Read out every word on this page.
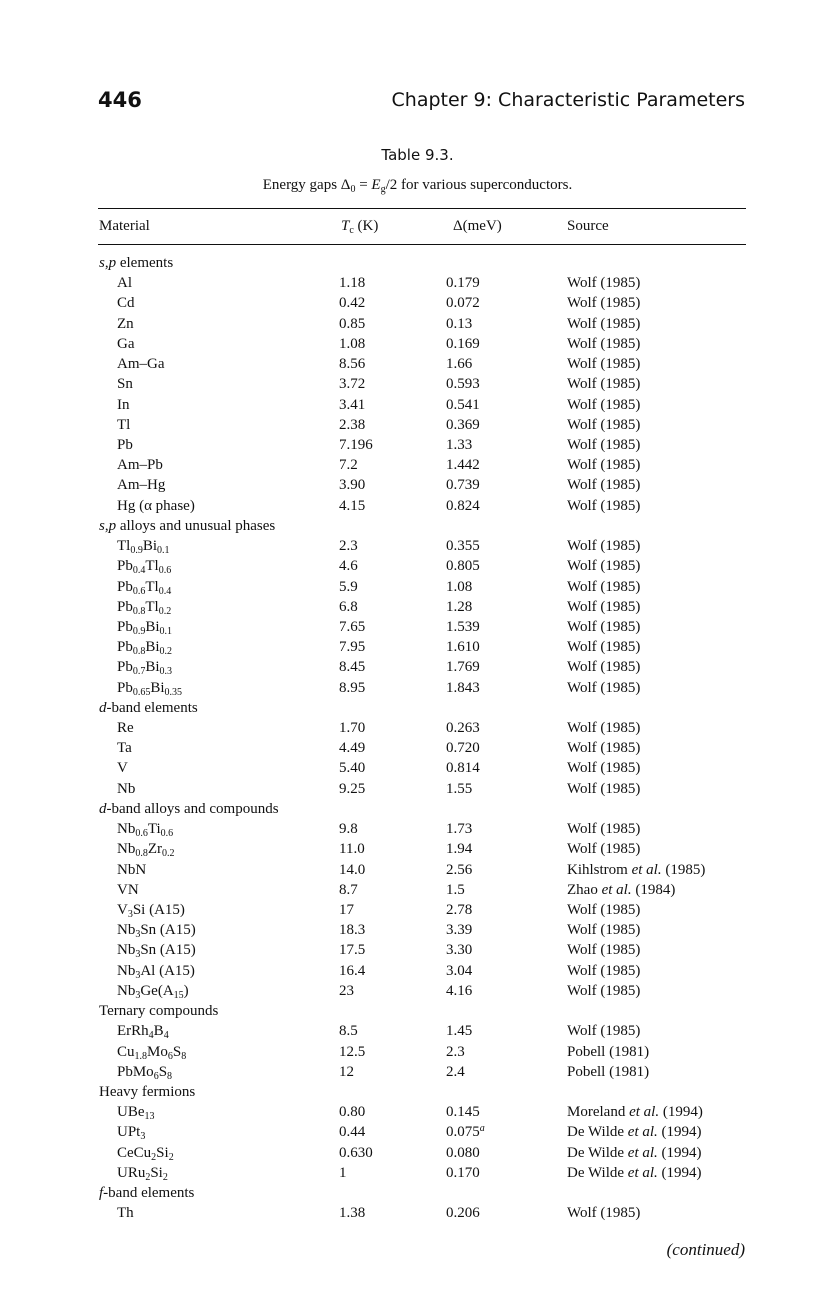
446	Chapter 9: Characteristic Parameters
Table 9.3.
Energy gaps $\Delta_0 = E_g/2$ for various superconductors.
Material	$T_c$ (K)	Δ(meV)	Source
s,p elements
Al	1.18	0.179	Wolf (1985)
Cd	0.42	0.072	Wolf (1985)
Zn	0.85	0.13	Wolf (1985)
Ga	1.08	0.169	Wolf (1985)
Am–Ga	8.56	1.66	Wolf (1985)
Sn	3.72	0.593	Wolf (1985)
In	3.41	0.541	Wolf (1985)
Tl	2.38	0.369	Wolf (1985)
Pb	7.196	1.33	Wolf (1985)
Am–Pb	7.2	1.442	Wolf (1985)
Am–Hg	3.90	0.739	Wolf (1985)
Hg (α phase)	4.15	0.824	Wolf (1985)
s,p alloys and unusual phases
$Tl_{0.9}Bi_{0.1}$	2.3	0.355	Wolf (1985)
$Pb_{0.4}Tl_{0.6}$	4.6	0.805	Wolf (1985)
$Pb_{0.6}Tl_{0.4}$	5.9	1.08	Wolf (1985)
$Pb_{0.8}Tl_{0.2}$	6.8	1.28	Wolf (1985)
$Pb_{0.9}Bi_{0.1}$	7.65	1.539	Wolf (1985)
$Pb_{0.8}Bi_{0.2}$	7.95	1.610	Wolf (1985)
$Pb_{0.7}Bi_{0.3}$	8.45	1.769	Wolf (1985)
$Pb_{0.65}Bi_{0.35}$	8.95	1.843	Wolf (1985)
d-band elements
Re	1.70	0.263	Wolf (1985)
Ta	4.49	0.720	Wolf (1985)
V	5.40	0.814	Wolf (1985)
Nb	9.25	1.55	Wolf (1985)
d-band alloys and compounds
$Nb_{0.6}Ti_{0.6}$	9.8	1.73	Wolf (1985)
$Nb_{0.8}Zr_{0.2}$	11.0	1.94	Wolf (1985)
NbN	14.0	2.56	Kihlstrom et al. (1985)
VN	8.7	1.5	Zhao et al. (1984)
$V_3Si$ (A15)	17	2.78	Wolf (1985)
$Nb_3Sn$ (A15)	18.3	3.39	Wolf (1985)
$Nb_3Sn$ (A15)	17.5	3.30	Wolf (1985)
$Nb_3Al$ (A15)	16.4	3.04	Wolf (1985)
$Nb_3Ge(A_{15})$	23	4.16	Wolf (1985)
Ternary compounds
$ErRh_4B_4$	8.5	1.45	Wolf (1985)
$Cu_{1.8}Mo_6S_8$	12.5	2.3	Pobell (1981)
$PbMo_6S_8$	12	2.4	Pobell (1981)
Heavy fermions
UBe$_{13}$	0.80	0.145	Moreland et al. (1994)
UPt$_3$	0.44	0.075$^a$	De Wilde et al. (1994)
$CeCu_2Si_2$	0.630	0.080	De Wilde et al. (1994)
$URu_2Si_2$	1	0.170	De Wilde et al. (1994)
f-band elements
Th	1.38	0.206	Wolf (1985)
(continued)
